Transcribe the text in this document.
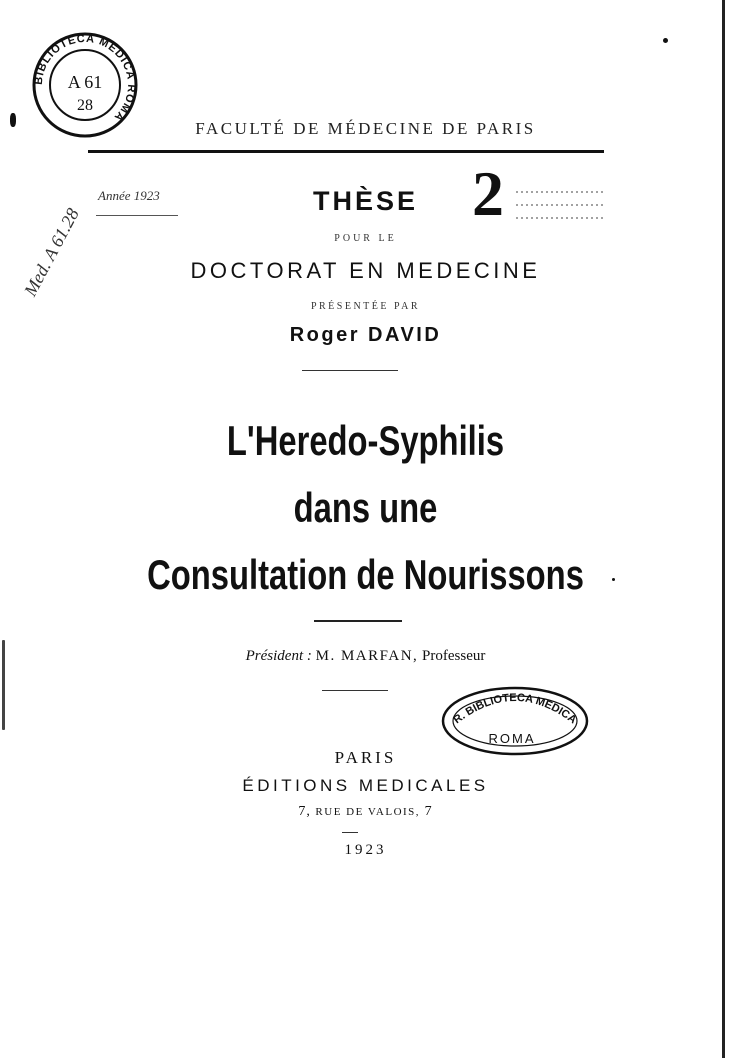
BIBLIOTECA MEDICA ROMA
A 61
28
FACULTÉ DE MÉDECINE DE PARIS
Année 1923	THÈSE 2
POUR LE
DOCTORAT EN MEDECINE
PRÉSENTÉE PAR
Roger DAVID
Med. A 61.28
L'Heredo-Syphilis
dans une
Consultation de Nourissons
Président : M. MARFAN, Professeur
R. BIBLIOTECA MEDICA
ROMA
PARIS
ÉDITIONS MEDICALES
7, RUE DE VALOIS, 7
1923
